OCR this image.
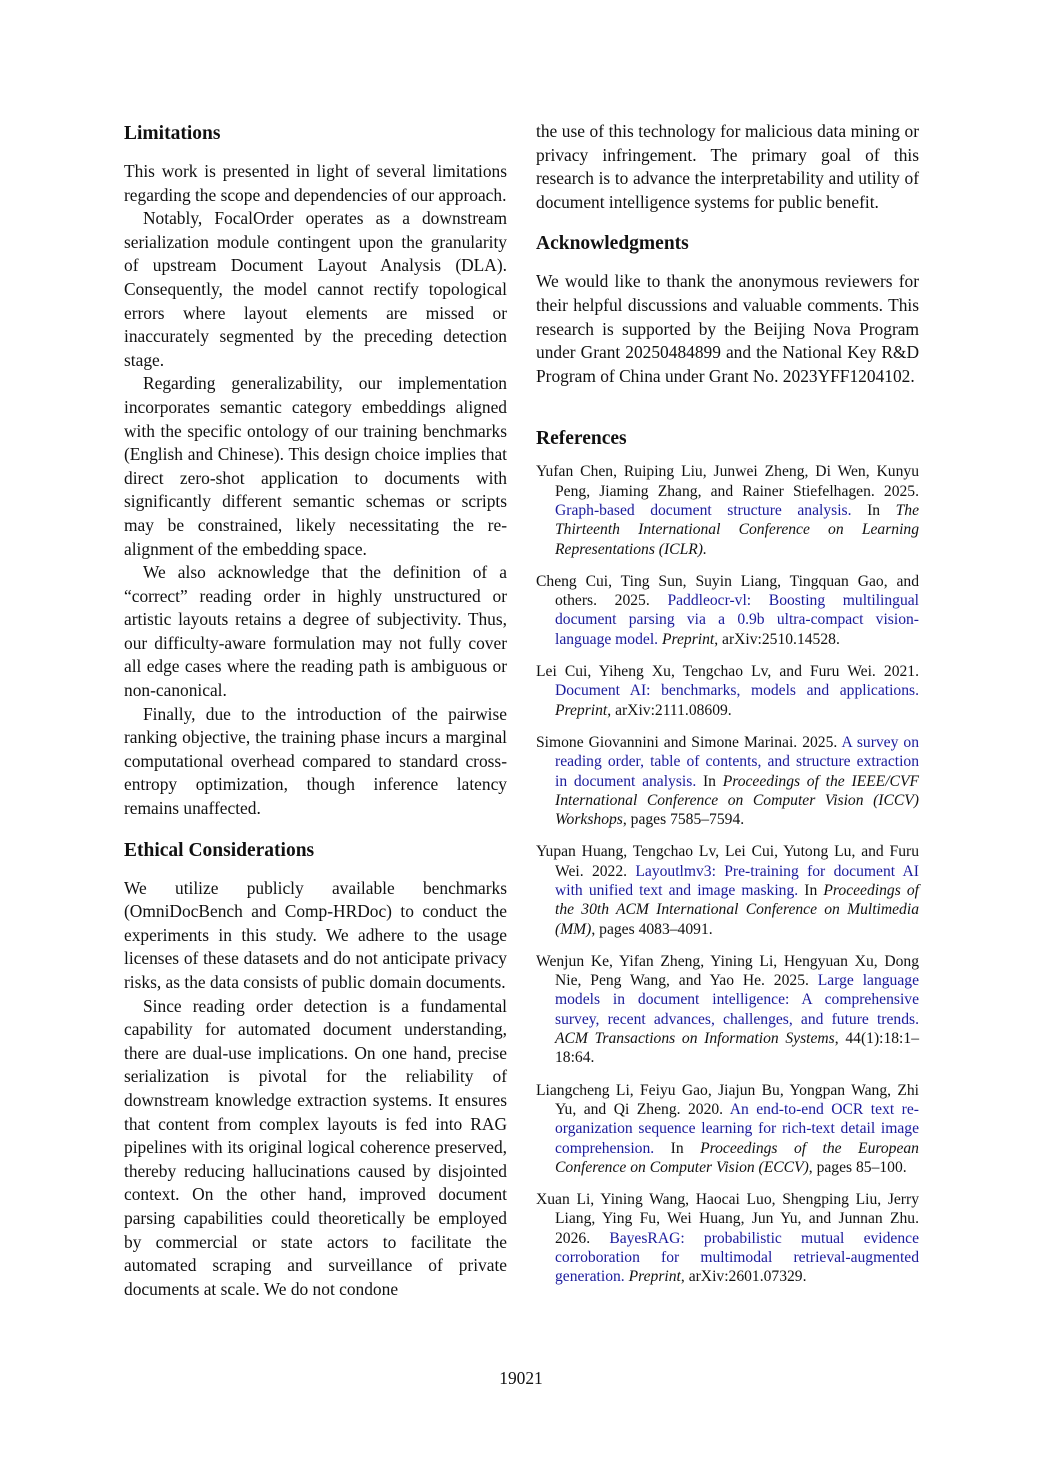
Limitations

This work is presented in light of several limitations regarding the scope and dependencies of our approach.

Notably, FocalOrder operates as a downstream serialization module contingent upon the granularity of upstream Document Layout Analysis (DLA). Consequently, the model cannot rectify topological errors where layout elements are missed or inaccurately segmented by the preceding detection stage.

Regarding generalizability, our implementation incorporates semantic category embeddings aligned with the specific ontology of our training benchmarks (English and Chinese). This design choice implies that direct zero-shot application to documents with significantly different semantic schemas or scripts may be constrained, likely necessitating the re-alignment of the embedding space.

We also acknowledge that the definition of a “correct” reading order in highly unstructured or artistic layouts retains a degree of subjectivity. Thus, our difficulty-aware formulation may not fully cover all edge cases where the reading path is ambiguous or non-canonical.

Finally, due to the introduction of the pairwise ranking objective, the training phase incurs a marginal computational overhead compared to standard cross-entropy optimization, though inference latency remains unaffected.

Ethical Considerations

We utilize publicly available benchmarks (OmniDocBench and Comp-HRDoc) to conduct the experiments in this study. We adhere to the usage licenses of these datasets and do not anticipate privacy risks, as the data consists of public domain documents.

Since reading order detection is a fundamental capability for automated document understanding, there are dual-use implications. On one hand, precise serialization is pivotal for the reliability of downstream knowledge extraction systems. It ensures that content from complex layouts is fed into RAG pipelines with its original logical coherence preserved, thereby reducing hallucinations caused by disjointed context. On the other hand, improved document parsing capabilities could theoretically be employed by commercial or state actors to facilitate the automated scraping and surveillance of private documents at scale. We do not condone

the use of this technology for malicious data mining or privacy infringement. The primary goal of this research is to advance the interpretability and utility of document intelligence systems for public benefit.

Acknowledgments

We would like to thank the anonymous reviewers for their helpful discussions and valuable comments. This research is supported by the Beijing Nova Program under Grant 20250484899 and the National Key R&D Program of China under Grant No. 2023YFF1204102.

References
Yufan Chen, Ruiping Liu, Junwei Zheng, Di Wen, Kunyu Peng, Jiaming Zhang, and Rainer Stiefelhagen. 2025. Graph-based document structure analysis. In The Thirteenth International Conference on Learning Representations (ICLR).
Cheng Cui, Ting Sun, Suyin Liang, Tingquan Gao, and others. 2025. Paddleocr-vl: Boosting multilingual document parsing via a 0.9b ultra-compact vision-language model. Preprint, arXiv:2510.14528.
Lei Cui, Yiheng Xu, Tengchao Lv, and Furu Wei. 2021. Document AI: benchmarks, models and applications. Preprint, arXiv:2111.08609.
Simone Giovannini and Simone Marinai. 2025. A survey on reading order, table of contents, and structure extraction in document analysis. In Proceedings of the IEEE/CVF International Conference on Computer Vision (ICCV) Workshops, pages 7585–7594.
Yupan Huang, Tengchao Lv, Lei Cui, Yutong Lu, and Furu Wei. 2022. Layoutlmv3: Pre-training for document AI with unified text and image masking. In Proceedings of the 30th ACM International Conference on Multimedia (MM), pages 4083–4091.
Wenjun Ke, Yifan Zheng, Yining Li, Hengyuan Xu, Dong Nie, Peng Wang, and Yao He. 2025. Large language models in document intelligence: A comprehensive survey, recent advances, challenges, and future trends. ACM Transactions on Information Systems, 44(1):18:1–18:64.
Liangcheng Li, Feiyu Gao, Jiajun Bu, Yongpan Wang, Zhi Yu, and Qi Zheng. 2020. An end-to-end OCR text re-organization sequence learning for rich-text detail image comprehension. In Proceedings of the European Conference on Computer Vision (ECCV), pages 85–100.
Xuan Li, Yining Wang, Haocai Luo, Shengping Liu, Jerry Liang, Ying Fu, Wei Huang, Jun Yu, and Junnan Zhu. 2026. BayesRAG: probabilistic mutual evidence corroboration for multimodal retrieval-augmented generation. Preprint, arXiv:2601.07329.
19021
